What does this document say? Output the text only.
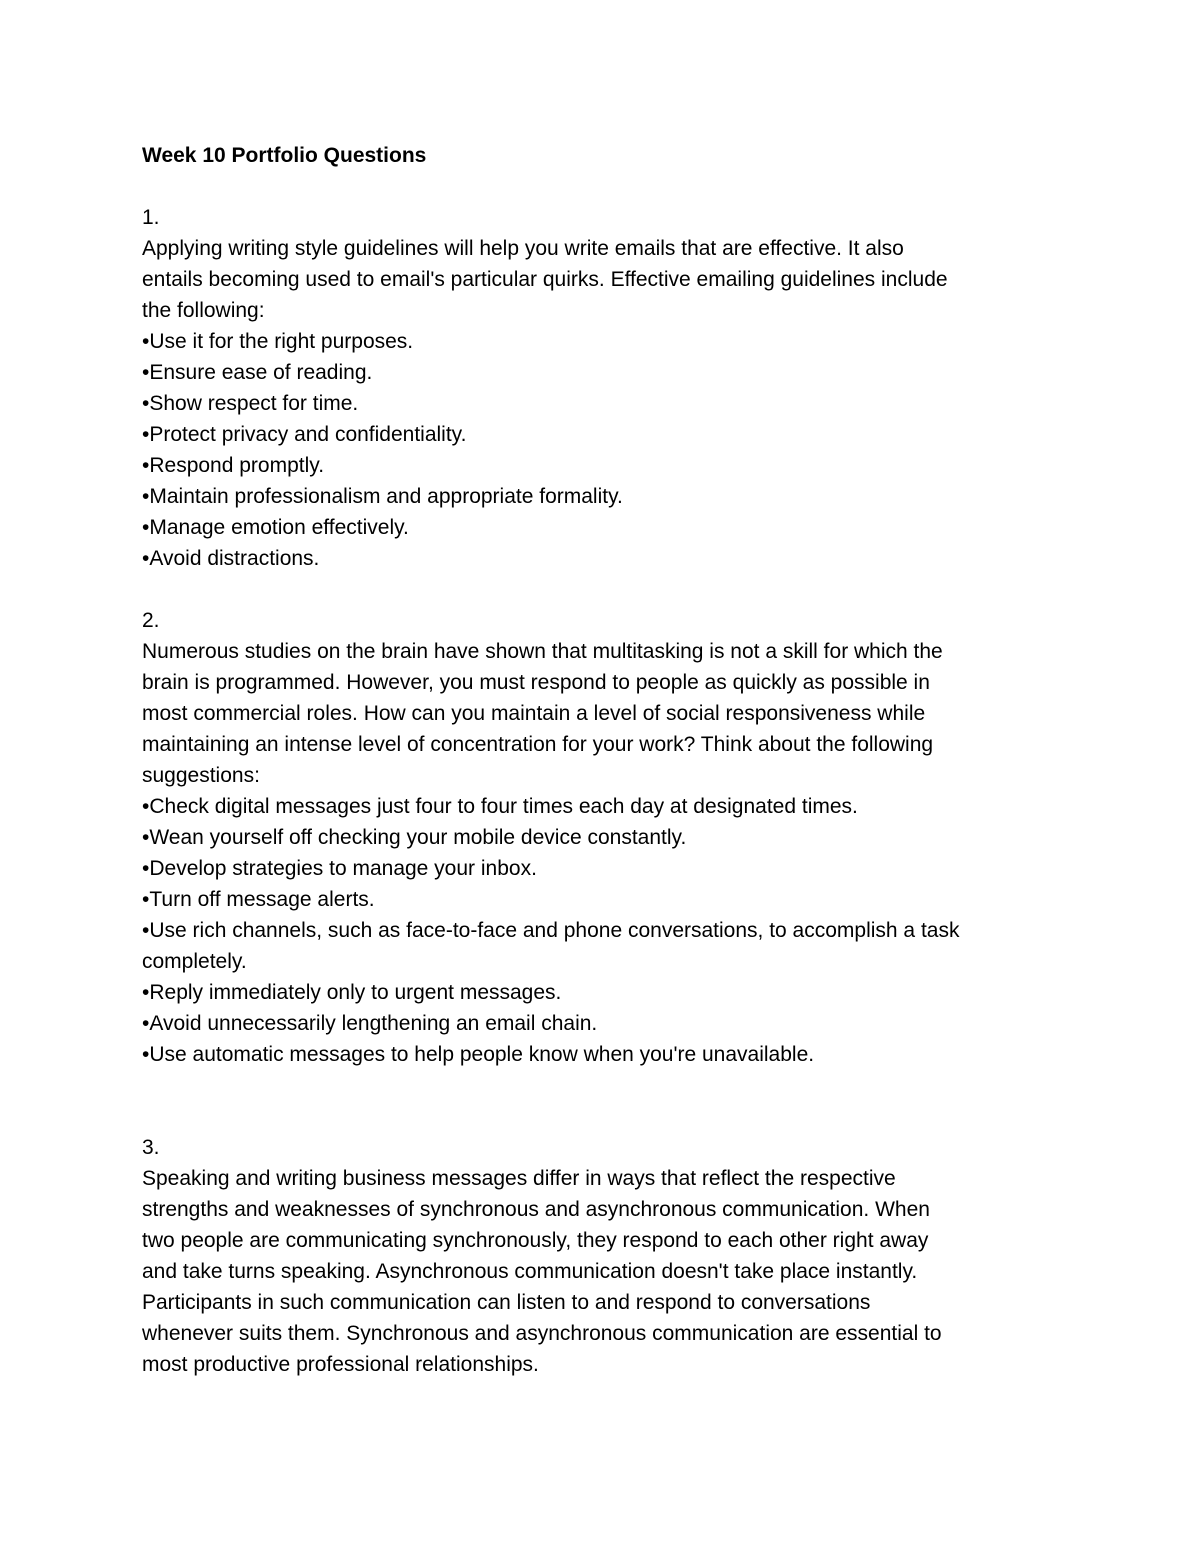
Week 10 Portfolio Questions
1.
Applying writing style guidelines will help you write emails that are effective. It also
entails becoming used to email's particular quirks. Effective emailing guidelines include
the following:
•Use it for the right purposes.
•Ensure ease of reading.
•Show respect for time.
•Protect privacy and confidentiality.
•Respond promptly.
•Maintain professionalism and appropriate formality.
•Manage emotion effectively.
•Avoid distractions.
2.
Numerous studies on the brain have shown that multitasking is not a skill for which the
brain is programmed. However, you must respond to people as quickly as possible in
most commercial roles. How can you maintain a level of social responsiveness while
maintaining an intense level of concentration for your work? Think about the following
suggestions:
•Check digital messages just four to four times each day at designated times.
•Wean yourself off checking your mobile device constantly.
•Develop strategies to manage your inbox.
•Turn off message alerts.
•Use rich channels, such as face-to-face and phone conversations, to accomplish a task
completely.
•Reply immediately only to urgent messages.
•Avoid unnecessarily lengthening an email chain.
•Use automatic messages to help people know when you're unavailable.
3.
Speaking and writing business messages differ in ways that reflect the respective
strengths and weaknesses of synchronous and asynchronous communication. When
two people are communicating synchronously, they respond to each other right away
and take turns speaking. Asynchronous communication doesn't take place instantly.
Participants in such communication can listen to and respond to conversations
whenever suits them. Synchronous and asynchronous communication are essential to
most productive professional relationships.
